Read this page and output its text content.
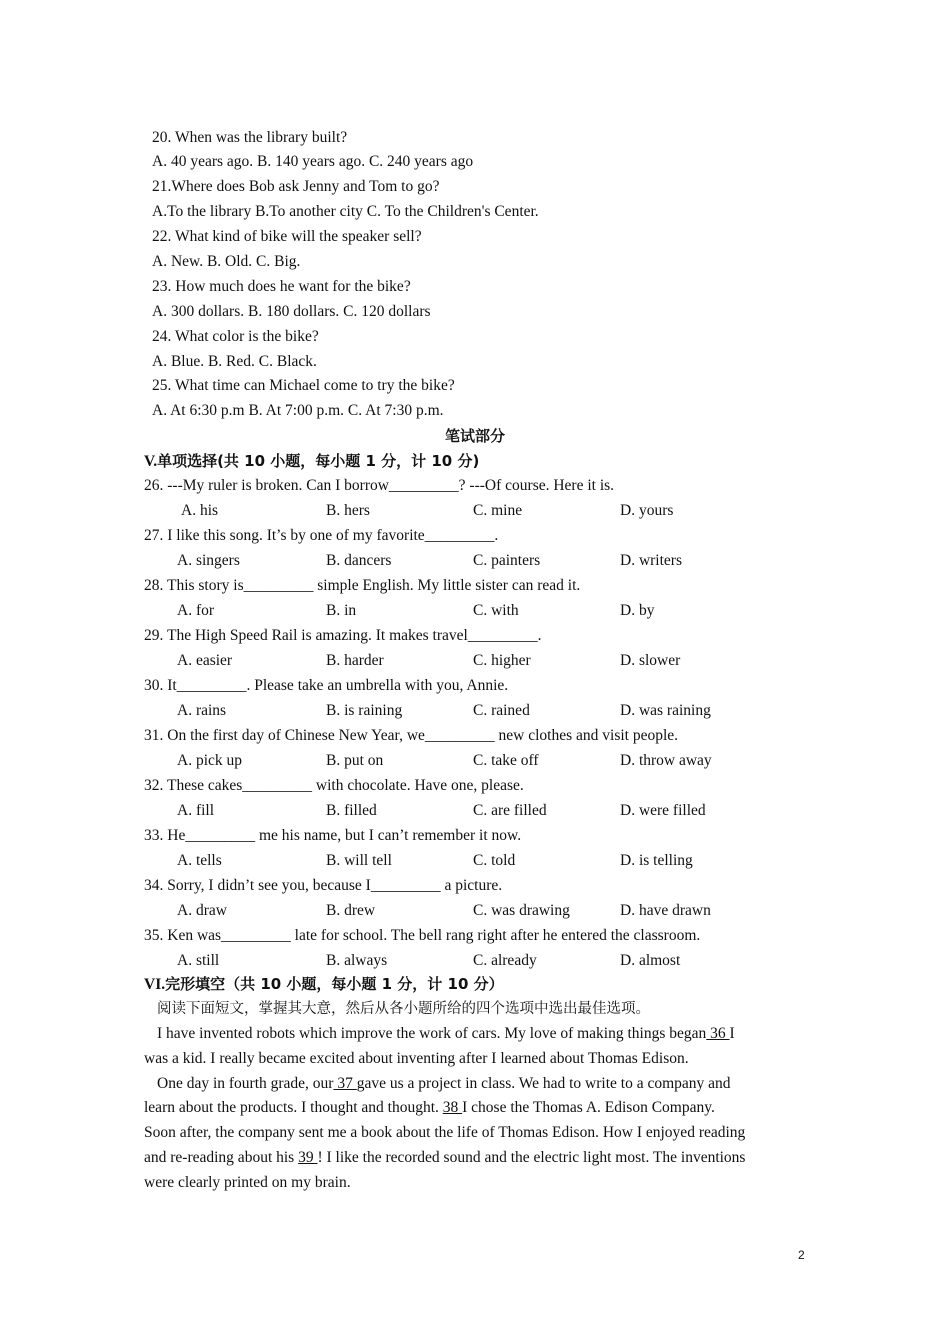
20. When was the library built?
A. 40 years ago. B. 140 years ago. C. 240 years ago
21.Where does Bob ask Jenny and Tom to go?
A.To the library B.To another city C. To the Children's Center.
22. What kind of bike will the speaker sell?
A. New. B. Old. C. Big.
23. How much does he want for the bike?
A. 300 dollars. B. 180 dollars. C. 120 dollars
24. What color is the bike?
A. Blue. B. Red. C. Black.
25. What time can Michael come to try the bike?
A. At 6:30 p.m B. At 7:00 p.m. C. At 7:30 p.m.
笔试部分
V.单项选择(共 10 小题，每小题 1 分，计 10 分)
26. ---My ruler is broken. Can I borrow_________? ---Of course. Here it is.
A. his	B. hers	C. mine	D. yours
27. I like this song. It’s by one of my favorite_________.
A. singers	B. dancers	C. painters	D. writers
28. This story is_________ simple English. My little sister can read it.
A. for	B. in	C. with	D. by
29. The High Speed Rail is amazing. It makes travel_________.
A. easier	B. harder	C. higher	D. slower
30. It_________. Please take an umbrella with you, Annie.
A. rains	B. is raining	C. rained	D. was raining
31. On the first day of Chinese New Year, we_________ new clothes and visit people.
A. pick up	B. put on	C. take off	D. throw away
32. These cakes_________ with chocolate. Have one, please.
A. fill	B. filled	C. are filled	D. were filled
33. He_________ me his name, but I can’t remember it now.
A. tells	B. will tell	C. told	D. is telling
34. Sorry, I didn’t see you, because I_________ a picture.
A. draw	B. drew	C. was drawing	D. have drawn
35. Ken was_________ late for school. The bell rang right after he entered the classroom.
A. still	B. always	C. already	D. almost
VI.完形填空（共 10 小题，每小题 1 分，计 10 分）
阅读下面短文，掌握其大意，然后从各小题所给的四个选项中选出最佳选项。
I have invented robots which improve the work of cars. My love of making things began 36 I
was a kid. I really became excited about inventing after I learned about Thomas Edison.
One day in fourth grade, our 37 gave us a project in class. We had to write to a company and
learn about the products. I thought and thought. 38 I chose the Thomas A. Edison Company.
Soon after, the company sent me a book about the life of Thomas Edison. How I enjoyed reading
and re-reading about his 39 ! I like the recorded sound and the electric light most. The inventions
were clearly printed on my brain.
2
